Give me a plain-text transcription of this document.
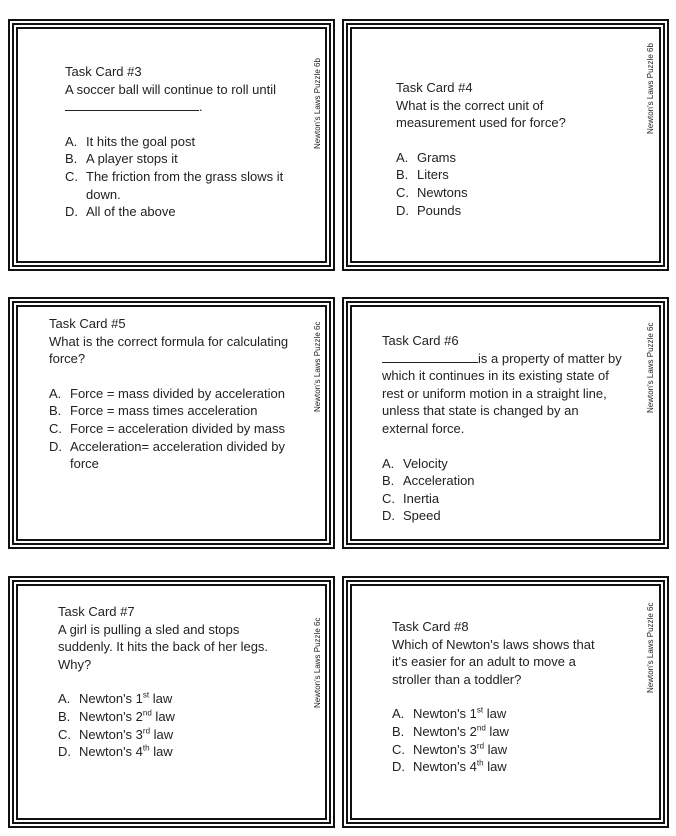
Task Card #3

A soccer ball will continue to roll until
.

A. It hits the goal post
B. A player stops it
C. The friction from the grass slows it down.
D. All of the above
Newton's Laws Puzzle 6b	Task Card #4

What is the correct unit of measurement used for force?

A. Grams
B. Liters
C. Newtons
D. Pounds
Newton's Laws Puzzle 6b

Task Card #5

What is the correct formula for calculating force?

A. Force = mass divided by acceleration
B. Force = mass times acceleration
C. Force = acceleration divided by mass
D. Acceleration= acceleration divided by force
Newton's Laws Puzzle 6c	Task Card #6

is a property of matter by which it continues in its existing state of rest or uniform motion in a straight line, unless that state is changed by an external force.

A. Velocity
B. Acceleration
C. Inertia
D. Speed
Newton's Laws Puzzle 6c

Task Card #7

A girl is pulling a sled and stops suddenly. It hits the back of her legs. Why?

A. Newton's 1st law
B. Newton's 2nd law
C. Newton's 3rd law
D. Newton's 4th law
Newton's Laws Puzzle 6c	Task Card #8

Which of Newton's laws shows that it's easier for an adult to move a stroller than a toddler?

A. Newton's 1st law
B. Newton's 2nd law
C. Newton's 3rd law
D. Newton's 4th law
Newton's Laws Puzzle 6c
